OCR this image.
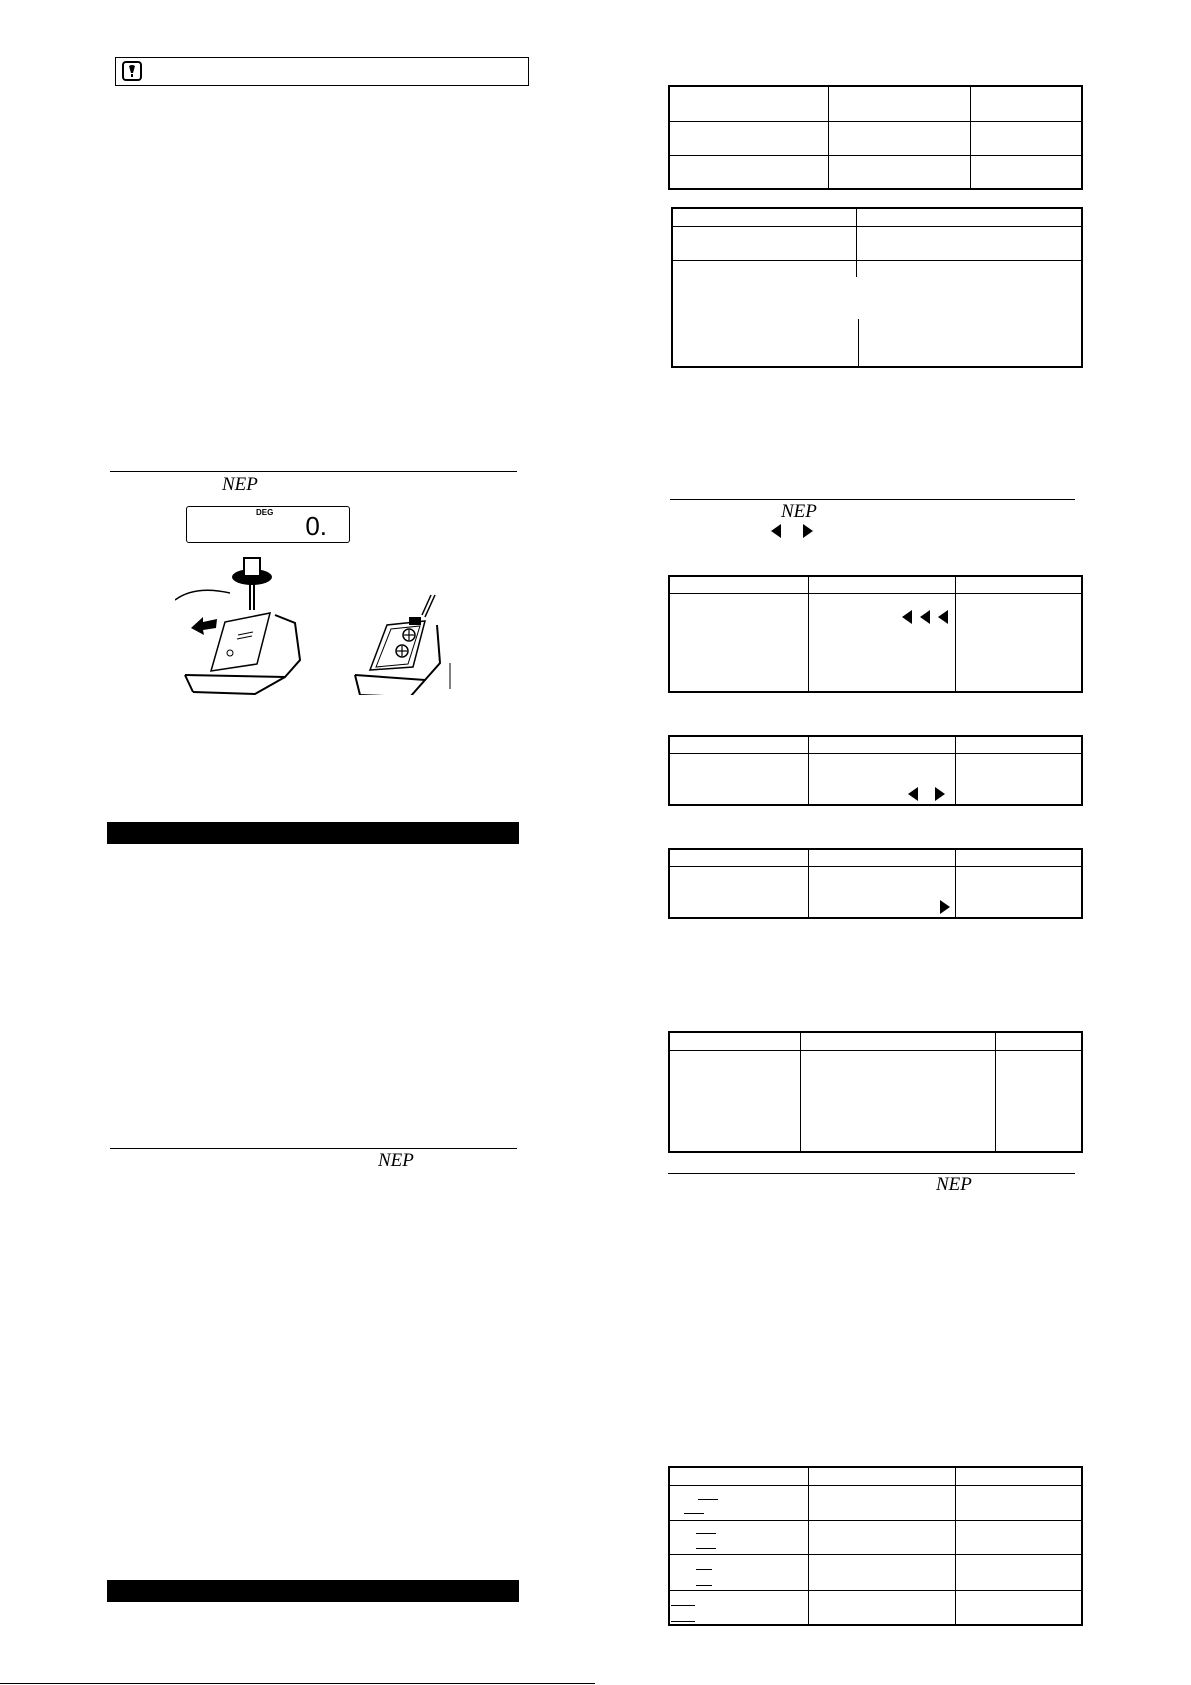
NEP
DEG 0.
NEP
NEP
NEP
